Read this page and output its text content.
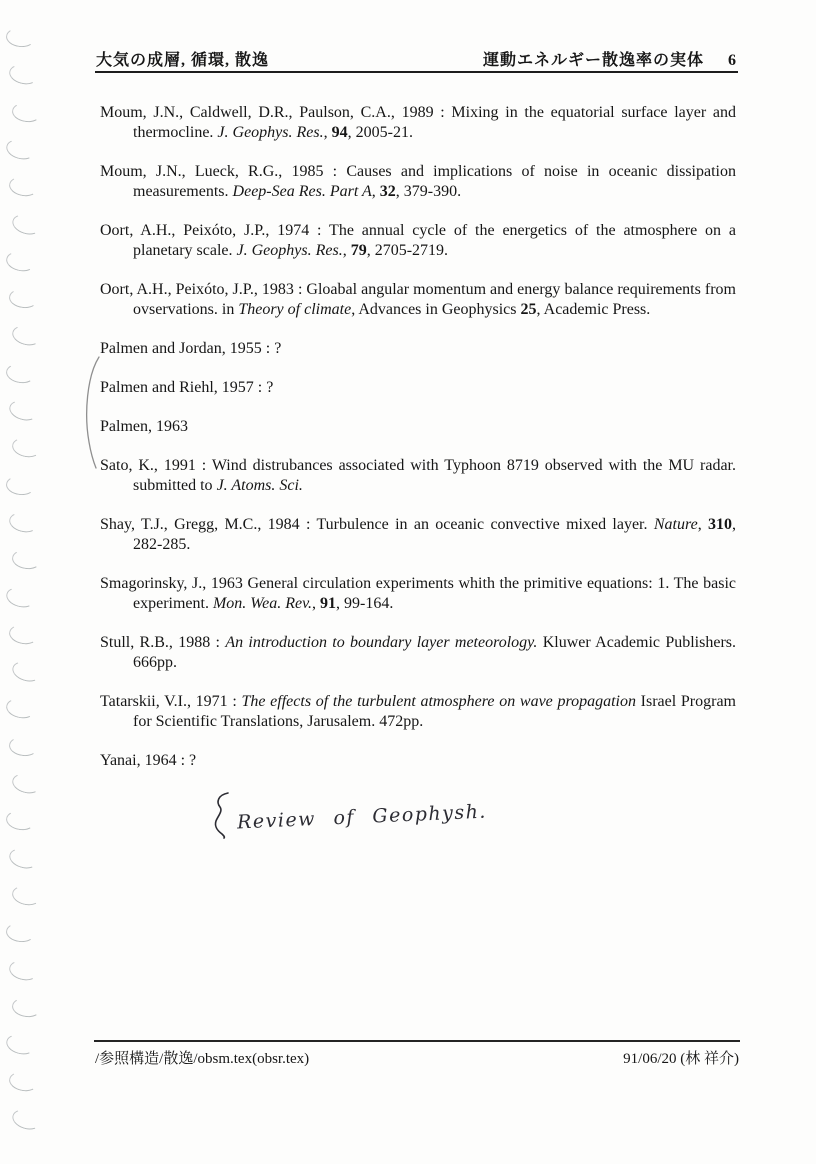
大気の成層, 循環, 散逸	運動エネルギー散逸率の実体 6

Moum, J.N., Caldwell, D.R., Paulson, C.A., 1989 : Mixing in the equatorial surface layer and thermocline. J. Geophys. Res., 94, 2005-21.

Moum, J.N., Lueck, R.G., 1985 : Causes and implications of noise in oceanic dissipation measurements. Deep-Sea Res. Part A, 32, 379-390.

Oort, A.H., Peixóto, J.P., 1974 : The annual cycle of the energetics of the atmosphere on a planetary scale. J. Geophys. Res., 79, 2705-2719.

Oort, A.H., Peixóto, J.P., 1983 : Gloabal angular momentum and energy balance requirements from ovservations. in Theory of climate, Advances in Geophysics 25, Academic Press.

Palmen and Jordan, 1955 : ?

Palmen and Riehl, 1957 : ?

Palmen, 1963

Sato, K., 1991 : Wind distrubances associated with Typhoon 8719 observed with the MU radar. submitted to J. Atoms. Sci.

Shay, T.J., Gregg, M.C., 1984 : Turbulence in an oceanic convective mixed layer. Nature, 310, 282-285.

Smagorinsky, J., 1963 General circulation experiments whith the primitive equations: 1. The basic experiment. Mon. Wea. Rev., 91, 99-164.

Stull, R.B., 1988 : An introduction to boundary layer meteorology. Kluwer Academic Publishers. 666pp.

Tatarskii, V.I., 1971 : The effects of the turbulent atmosphere on wave propagation Israel Program for Scientific Translations, Jarusalem. 472pp.

Yanai, 1964 : ?

Review of Geophysh.
/参照構造/散逸/obsm.tex(obsr.tex)	91/06/20 (林 祥介)
